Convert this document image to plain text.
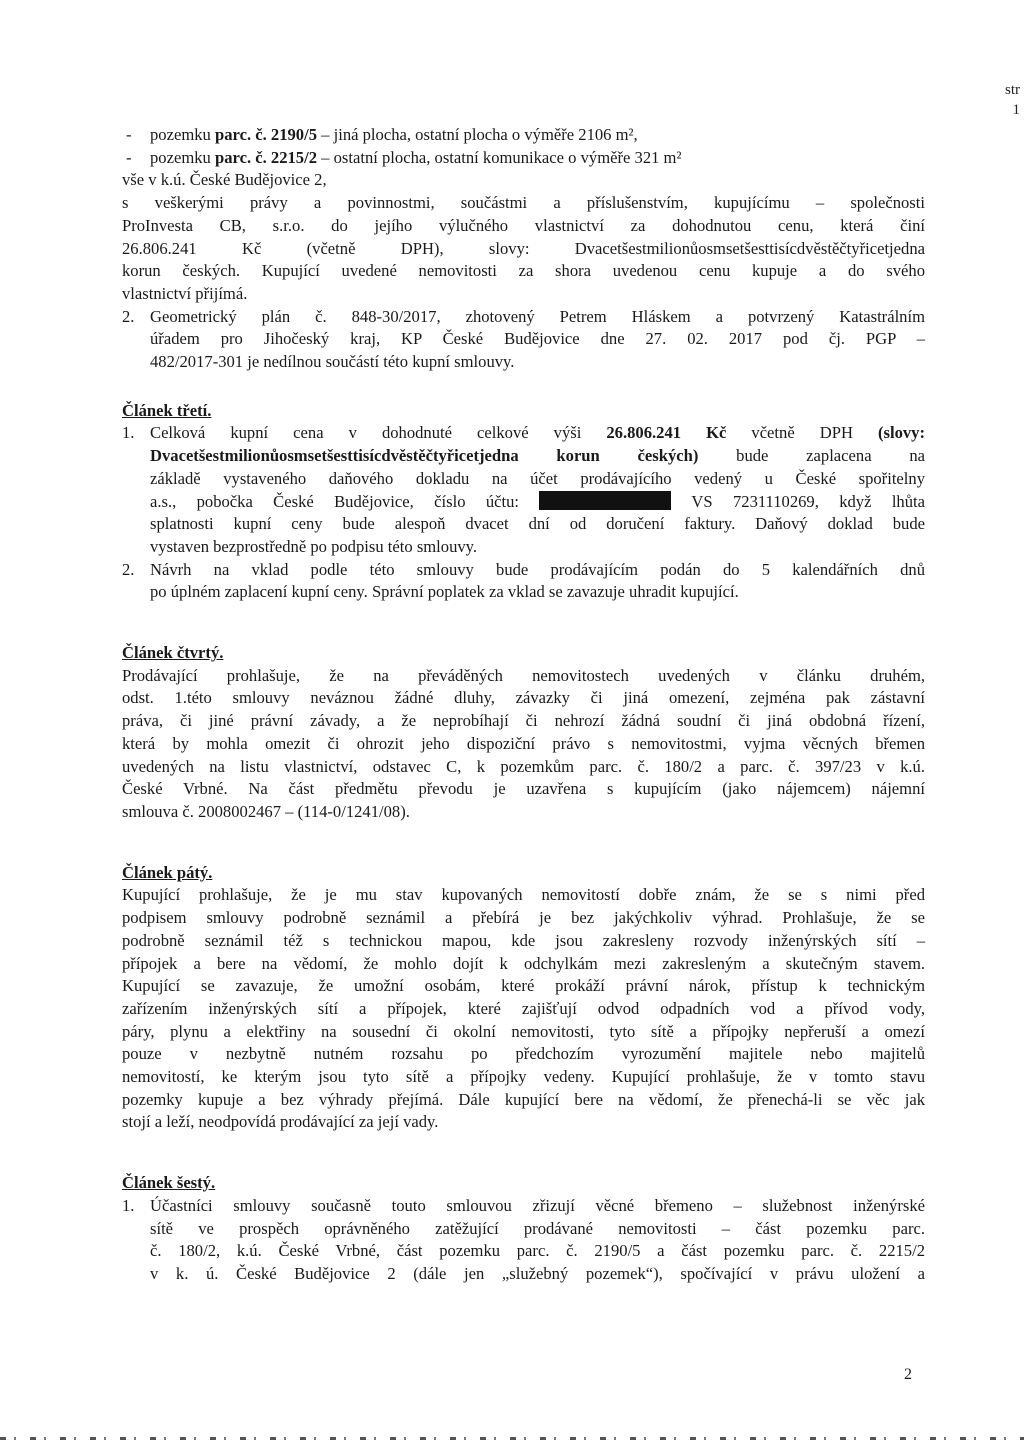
str
1
- pozemku parc. č. 2190/5 – jiná plocha, ostatní plocha o výměře 2106 m²,
- pozemku parc. č. 2215/2 – ostatní plocha, ostatní komunikace o výměře 321 m²
vše v k.ú. České Budějovice 2,
s veškerými právy a povinnostmi, součástmi a příslušenstvím, kupujícímu – společnosti
ProInvesta CB, s.r.o. do jejího výlučného vlastnictví za dohodnutou cenu, která činí
26.806.241 Kč (včetně DPH), slovy: Dvacetšestmilionůosmsetšesttisícdvěstěčtyřicetjedna
korun českých. Kupující uvedené nemovitosti za shora uvedenou cenu kupuje a do svého
vlastnictví přijímá.
2. Geometrický plán č. 848-30/2017, zhotovený Petrem Hláskem a potvrzený Katastrálním
úřadem pro Jihočeský kraj, KP České Budějovice dne 27. 02. 2017 pod čj. PGP –
482/2017-301 je nedílnou součástí této kupní smlouvy.
Článek třetí.
1. Celková kupní cena v dohodnuté celkové výši 26.806.241 Kč včetně DPH (slovy:
Dvacetšestmilionůosmsetšesttisícdvěstěčtyřicetjedna korun českých) bude zaplacena na
základě vystaveného daňového dokladu na účet prodávajícího vedený u České spořitelny
a.s., pobočka České Budějovice, číslo účtu:	VS 7231110269, když lhůta
splatnosti kupní ceny bude alespoň dvacet dní od doručení faktury. Daňový doklad bude
vystaven bezprostředně po podpisu této smlouvy.
2. Návrh na vklad podle této smlouvy bude prodávajícím podán do 5 kalendářních dnů
po úplném zaplacení kupní ceny. Správní poplatek za vklad se zavazuje uhradit kupující.
Článek čtvrtý.
Prodávající prohlašuje, že na převáděných nemovitostech uvedených v článku druhém,
odst. 1.této smlouvy neváznou žádné dluhy, závazky či jiná omezení, zejména pak zástavní
práva, či jiné právní závady, a že neprobíhají či nehrozí žádná soudní či jiná obdobná řízení,
která by mohla omezit či ohrozit jeho dispoziční právo s nemovitostmi, vyjma věcných břemen
uvedených na listu vlastnictví, odstavec C, k pozemkům parc. č. 180/2 a parc. č. 397/23 v k.ú.
České Vrbné. Na část předmětu převodu je uzavřena s kupujícím (jako nájemcem) nájemní
smlouva č. 2008002467 – (114-0/1241/08).
Článek pátý.
Kupující prohlašuje, že je mu stav kupovaných nemovitostí dobře znám, že se s nimi před
podpisem smlouvy podrobně seznámil a přebírá je bez jakýchkoliv výhrad. Prohlašuje, že se
podrobně seznámil též s technickou mapou, kde jsou zakresleny rozvody inženýrských sítí –
přípojek a bere na vědomí, že mohlo dojít k odchylkám mezi zakresleným a skutečným stavem.
Kupující se zavazuje, že umožní osobám, které prokáží právní nárok, přístup k technickým
zařízením inženýrských sítí a přípojek, které zajišťují odvod odpadních vod a přívod vody,
páry, plynu a elektřiny na sousední či okolní nemovitosti, tyto sítě a přípojky nepřeruší a omezí
pouze v nezbytně nutném rozsahu po předchozím vyrozumění majitele nebo majitelů
nemovitostí, ke kterým jsou tyto sítě a přípojky vedeny. Kupující prohlašuje, že v tomto stavu
pozemky kupuje a bez výhrady přejímá. Dále kupující bere na vědomí, že přenechá-li se věc jak
stojí a leží, neodpovídá prodávající za její vady.
Článek šestý.
1. Účastníci smlouvy současně touto smlouvou zřizují věcné břemeno – služebnost inženýrské
sítě ve prospěch oprávněného zatěžující prodávané nemovitosti – část pozemku parc.
č. 180/2, k.ú. České Vrbné, část pozemku parc. č. 2190/5 a část pozemku parc. č. 2215/2
v k. ú. České Budějovice 2 (dále jen „služebný pozemek“), spočívající v právu uložení a
2
